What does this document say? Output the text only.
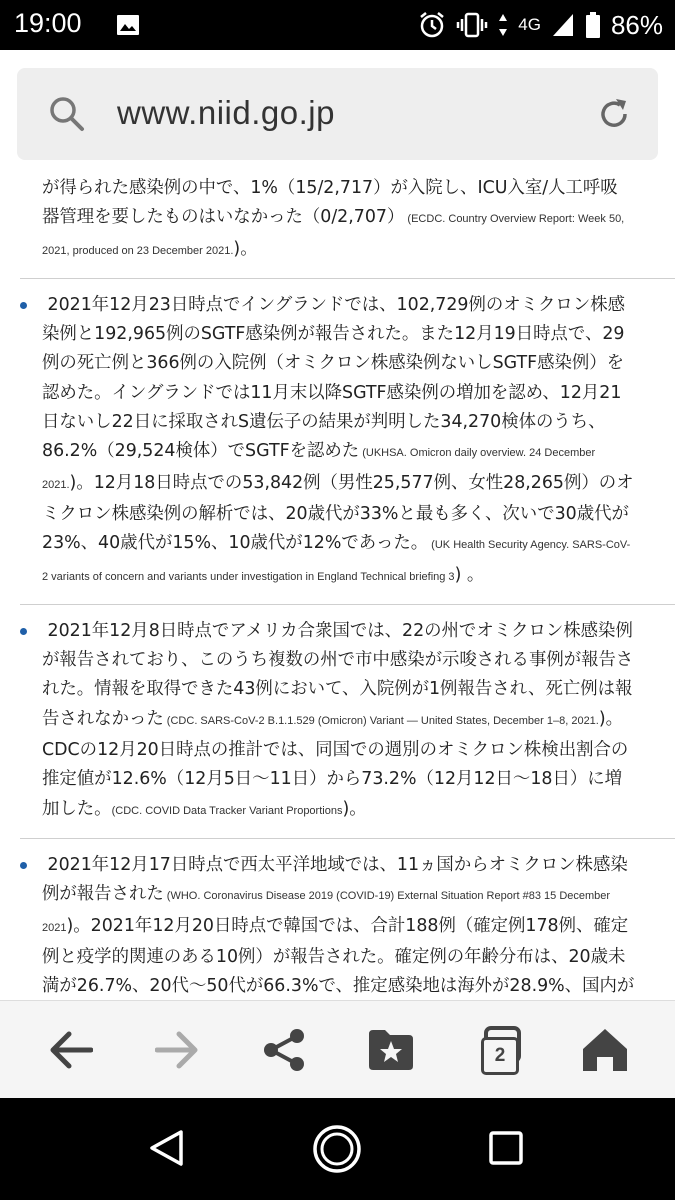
19:00	4G	86%
www.niid.go.jp

が得られた感染例の中で、1%（15/2,717）が入院し、ICU入室/人工呼吸器管理を要したものはいなかった（0/2,707） (ECDC. Country Overview Report: Week 50, 2021, produced on 23 December 2021.)。

2021年12月23日時点でイングランドでは、102,729例のオミクロン株感染例と192,965例のSGTF感染例が報告された。また12月19日時点で、29例の死亡例と366例の入院例（オミクロン株感染例ないしSGTF感染例）を認めた。イングランドでは11月末以降SGTF感染例の増加を認め、12月21日ないし22日に採取されS遺伝子の結果が判明した34,270検体のうち、86.2%（29,524検体）でSGTFを認めた (UKHSA. Omicron daily overview. 24 December 2021.)。12月18日時点での53,842例（男性25,577例、女性28,265例）のオミクロン株感染例の解析では、20歳代が33%と最も多く、次いで30歳代が23%、40歳代が15%、10歳代が12%であった。 (UK Health Security Agency. SARS-CoV-2 variants of concern and variants under investigation in England Technical briefing 3) 。

2021年12月8日時点でアメリカ合衆国では、22の州でオミクロン株感染例が報告されており、このうち複数の州で市中感染が示唆される事例が報告された。情報を取得できた43例において、入院例が1例報告され、死亡例は報告されなかった (CDC. SARS-CoV-2 B.1.1.529 (Omicron) Variant — United States, December 1–8, 2021.)。CDCの12月20日時点の推計では、同国での週別のオミクロン株検出割合の推定値が12.6%（12月5日〜11日）から73.2%（12月12日〜18日）に増加した。(CDC. COVID Data Tracker Variant Proportions)。

2021年12月17日時点で西太平洋地域では、11ヵ国からオミクロン株感染例が報告された (WHO. Coronavirus Disease 2019 (COVID-19) External Situation Report #83 15 December 2021)。2021年12月20日時点で韓国では、合計188例（確定例178例、確定例と疫学的関連のある10例）が報告された。確定例の年齢分布は、20歳未満が26.7%、20代〜50代が66.3%で、推定感染地は海外が28.9%、国内が

2
